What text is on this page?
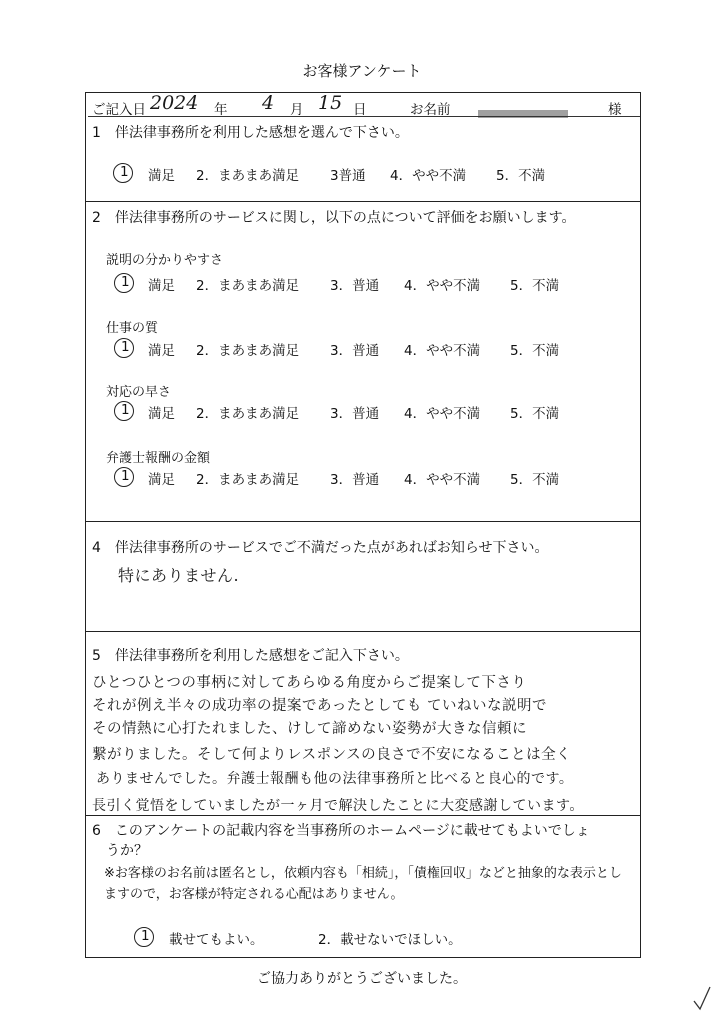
お客様アンケート
ご記入日 2024 年 4 月 15 日	お名前	様
1　伴法律事務所を利用した感想を選んで下さい。
1 満足 2．まあまあ満足 3普通 4．やや不満 5．不満
2　伴法律事務所のサービスに関し，以下の点について評価をお願いします。
説明の分かりやすさ
1 満足 2．まあまあ満足 3．普通 4．やや不満 5．不満
仕事の質
1 満足 2．まあまあ満足 3．普通 4．やや不満 5．不満
対応の早さ
1 満足 2．まあまあ満足 3．普通 4．やや不満 5．不満
弁護士報酬の金額
1 満足 2．まあまあ満足 3．普通 4．やや不満 5．不満
4　伴法律事務所のサービスでご不満だった点があればお知らせ下さい。
特にありません.
5　伴法律事務所を利用した感想をご記入下さい。
ひとつひとつの事柄に対してあらゆる角度からご提案して下さり
それが例え半々の成功率の提案であったとしても ていねいな説明で
その情熱に心打たれました、けして諦めない姿勢が大きな信頼に
繋がりました。そして何よりレスポンスの良さで不安になることは全く
ありませんでした。弁護士報酬も他の法律事務所と比べると良心的です。
長引く覚悟をしていましたが一ヶ月で解決したことに大変感謝しています。
6　このアンケートの記載内容を当事務所のホームページに載せてもよいでしょ
うか？
※お客様のお名前は匿名とし，依頼内容も「相続」，「債権回収」などと抽象的な表示とし
ますので，お客様が特定される心配はありません。
1 載せてもよい。	2．載せないでほしい。
ご協力ありがとうございました。
